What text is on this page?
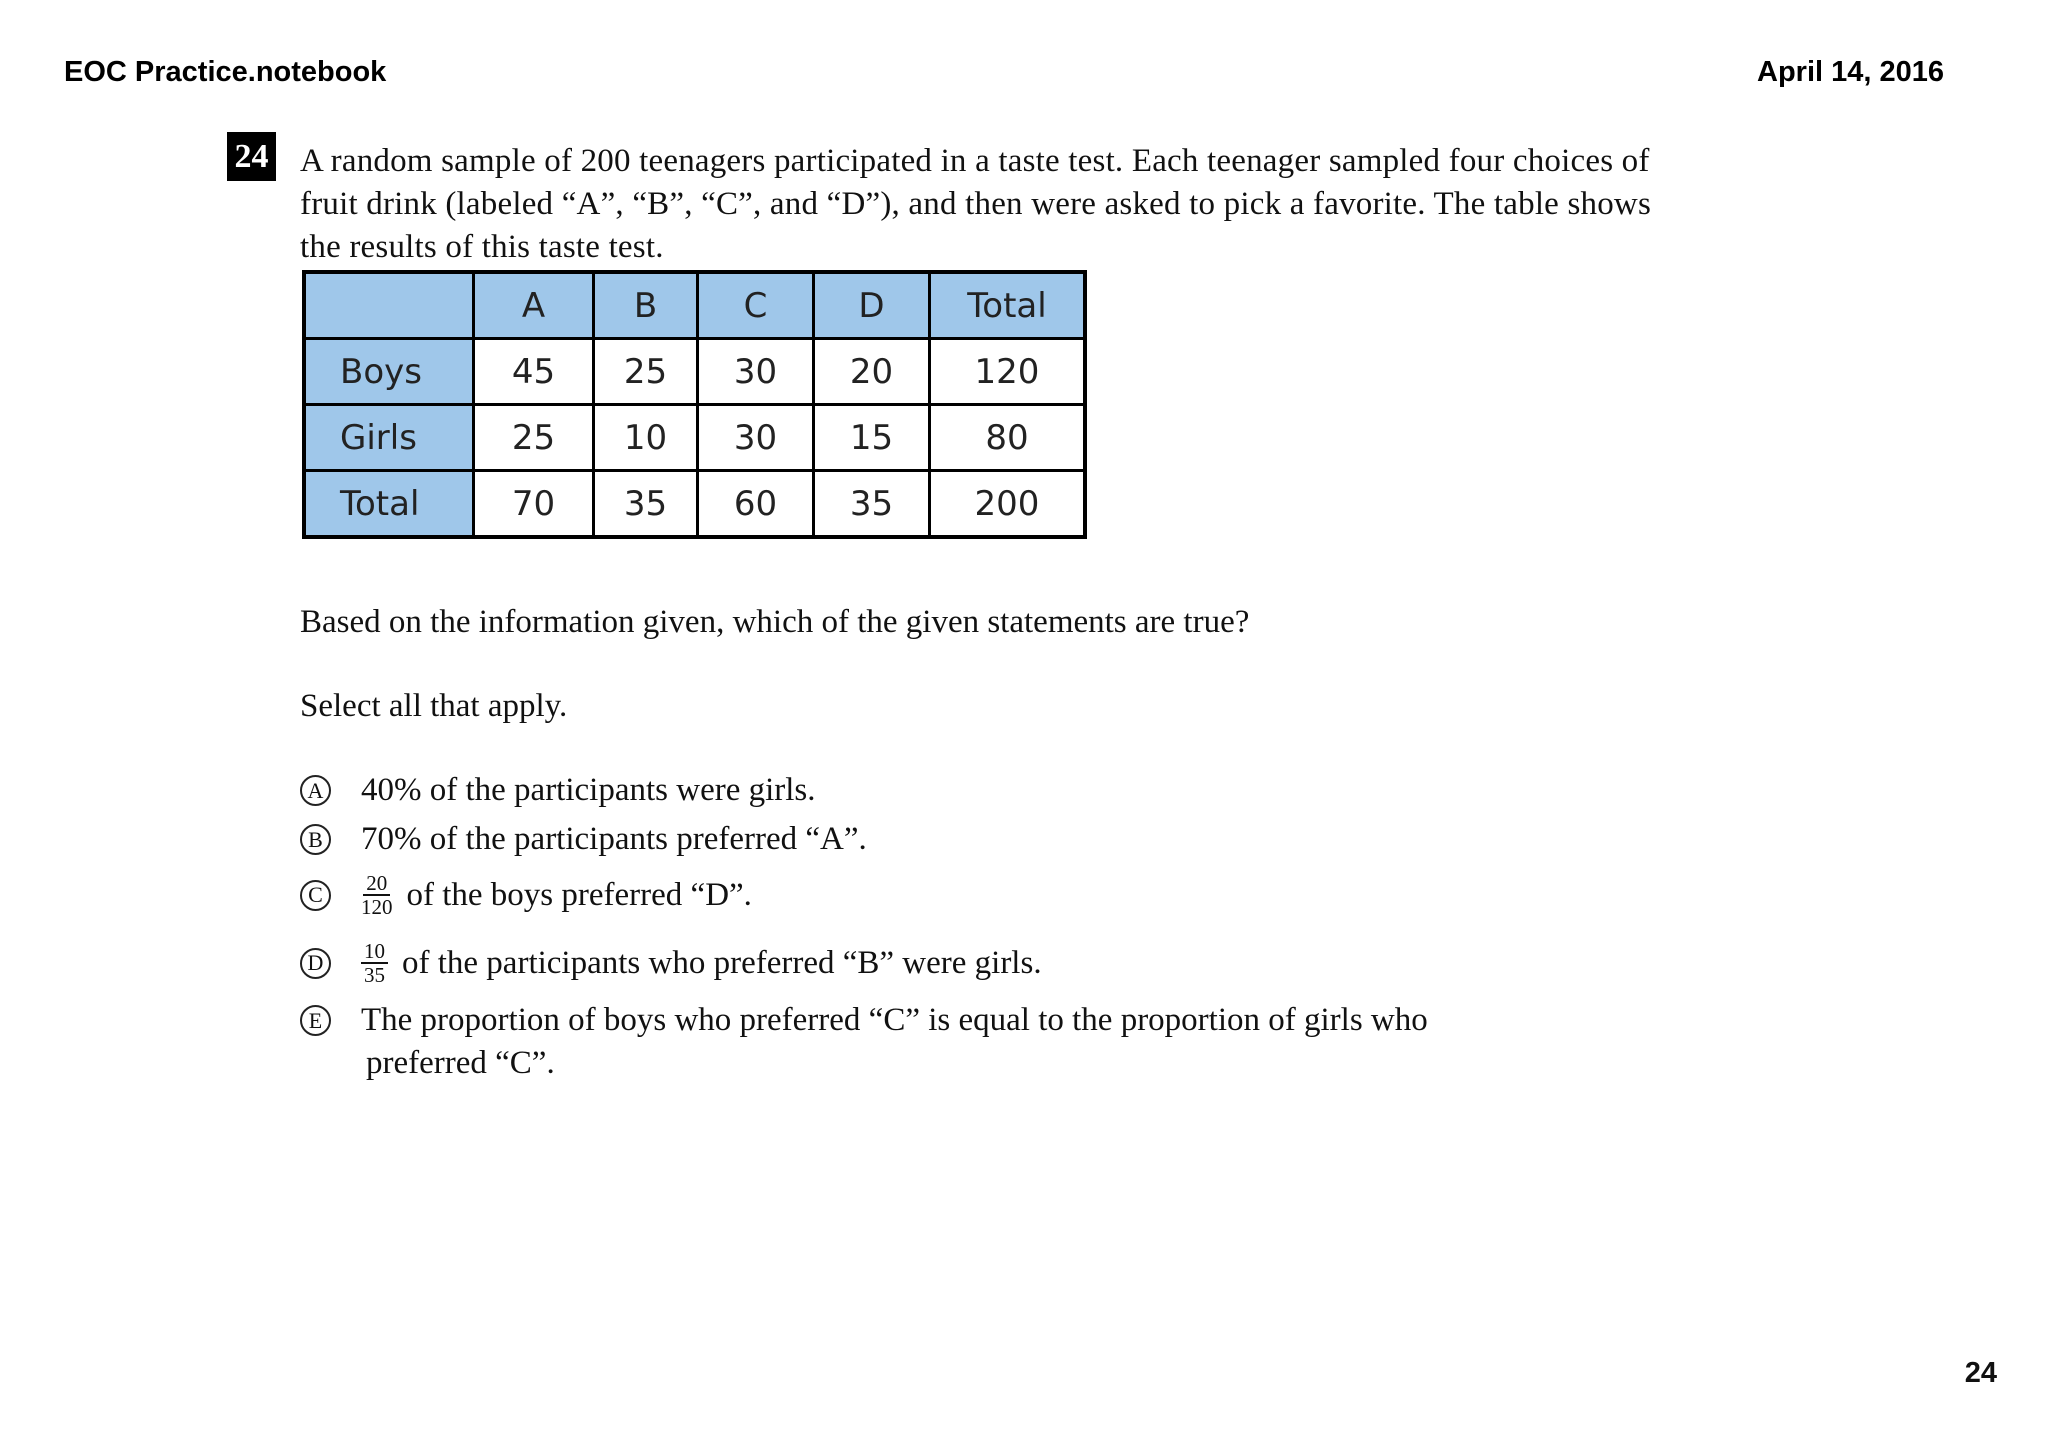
EOC Practice.notebook	April 14, 2016
24 A random sample of 200 teenagers participated in a taste test. Each teenager sampled four choices of
fruit drink (labeled “A”, “B”, “C”, and “D”), and then were asked to pick a favorite. The table shows
the results of this taste test.
	A	B	C	D	Total
Boys	45	25	30	20	120
Girls	25	10	30	15	80
Total	70	35	60	35	200
Based on the information given, which of the given statements are true?
Select all that apply.
A 40% of the participants were girls.
B 70% of the participants preferred “A”.
C	$\frac{20}{120}$ of the boys preferred “D”.
D	$\frac{10}{35}$ of the participants who preferred “B” were girls.
E The proportion of boys who preferred “C” is equal to the proportion of girls who
preferred “C”.
24
